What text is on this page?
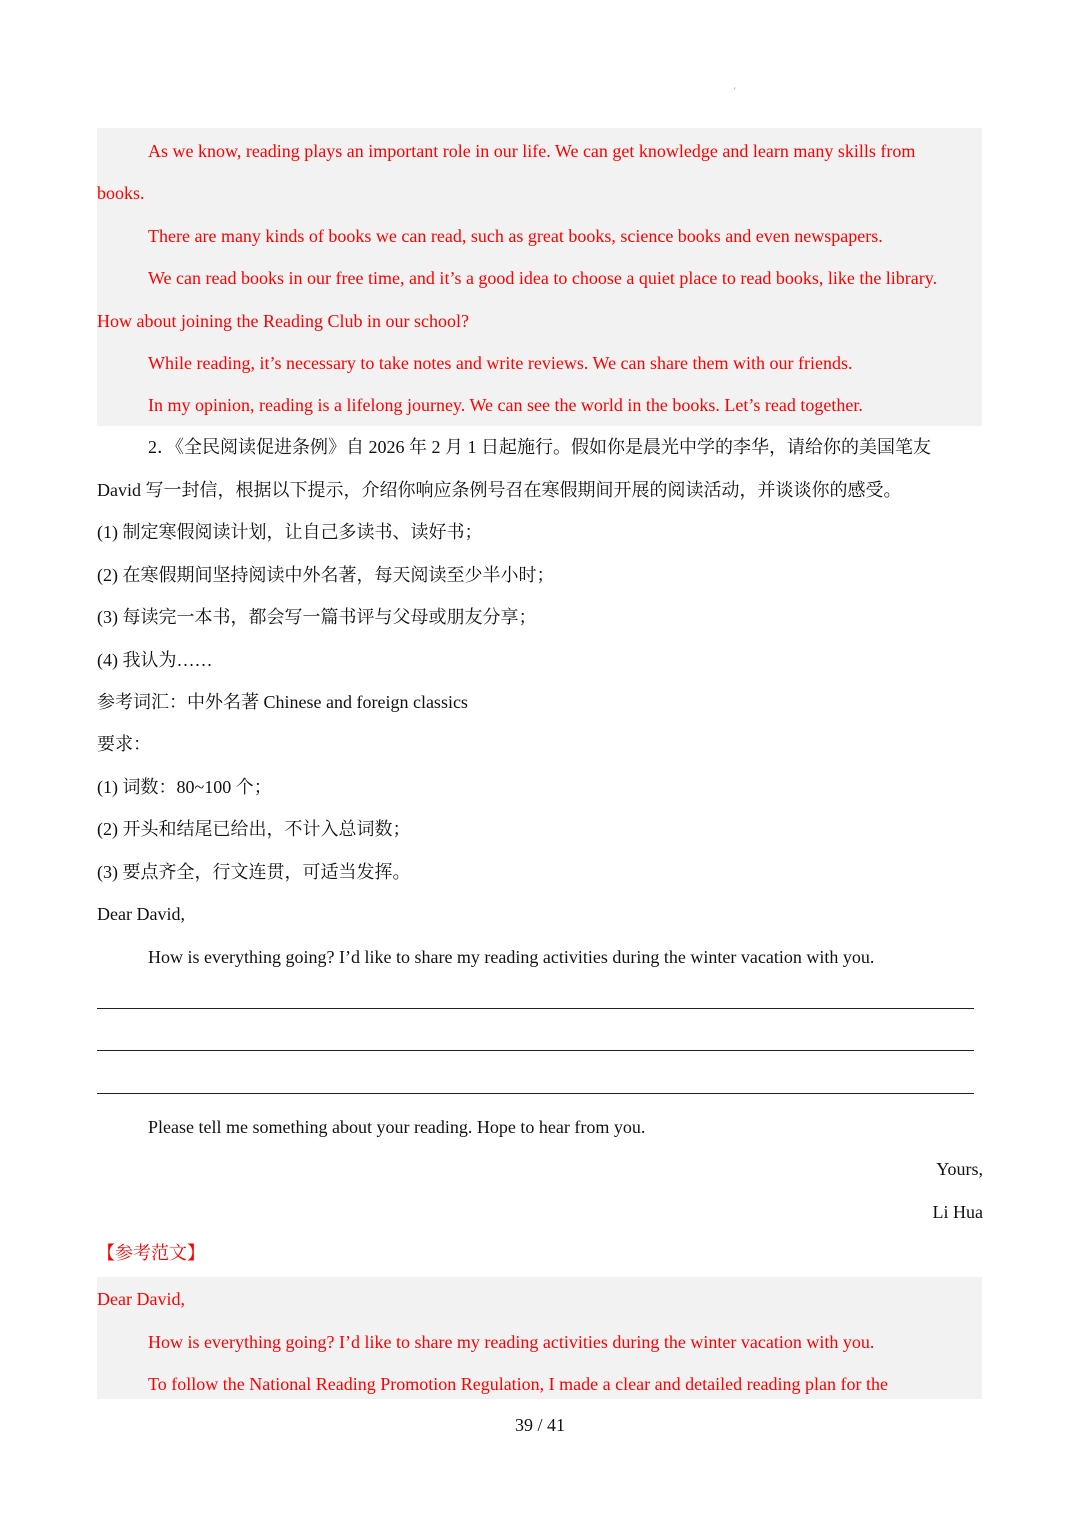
'
As we know, reading plays an important role in our life. We can get knowledge and learn many skills from
books.
There are many kinds of books we can read, such as great books, science books and even newspapers.
We can read books in our free time, and it’s a good idea to choose a quiet place to read books, like the library.
How about joining the Reading Club in our school?
While reading, it’s necessary to take notes and write reviews. We can share them with our friends.
In my opinion, reading is a lifelong journey. We can see the world in the books. Let’s read together.
2．《全民阅读促进条例》自 2026 年 2 月 1 日起施行。假如你是晨光中学的李华，请给你的美国笔友
David 写一封信，根据以下提示，介绍你响应条例号召在寒假期间开展的阅读活动，并谈谈你的感受。
(1) 制定寒假阅读计划，让自己多读书、读好书；
(2) 在寒假期间坚持阅读中外名著，每天阅读至少半小时；
(3) 每读完一本书，都会写一篇书评与父母或朋友分享；
(4) 我认为……
参考词汇：中外名著 Chinese and foreign classics
要求：
(1) 词数：80~100 个；
(2) 开头和结尾已给出，不计入总词数；
(3) 要点齐全，行文连贯，可适当发挥。
Dear David,
How is everything going? I’d like to share my reading activities during the winter vacation with you.
Please tell me something about your reading. Hope to hear from you.
Yours,
Li Hua
【参考范文】
Dear David,
How is everything going? I’d like to share my reading activities during the winter vacation with you.
To follow the National Reading Promotion Regulation, I made a clear and detailed reading plan for the
39 / 41
